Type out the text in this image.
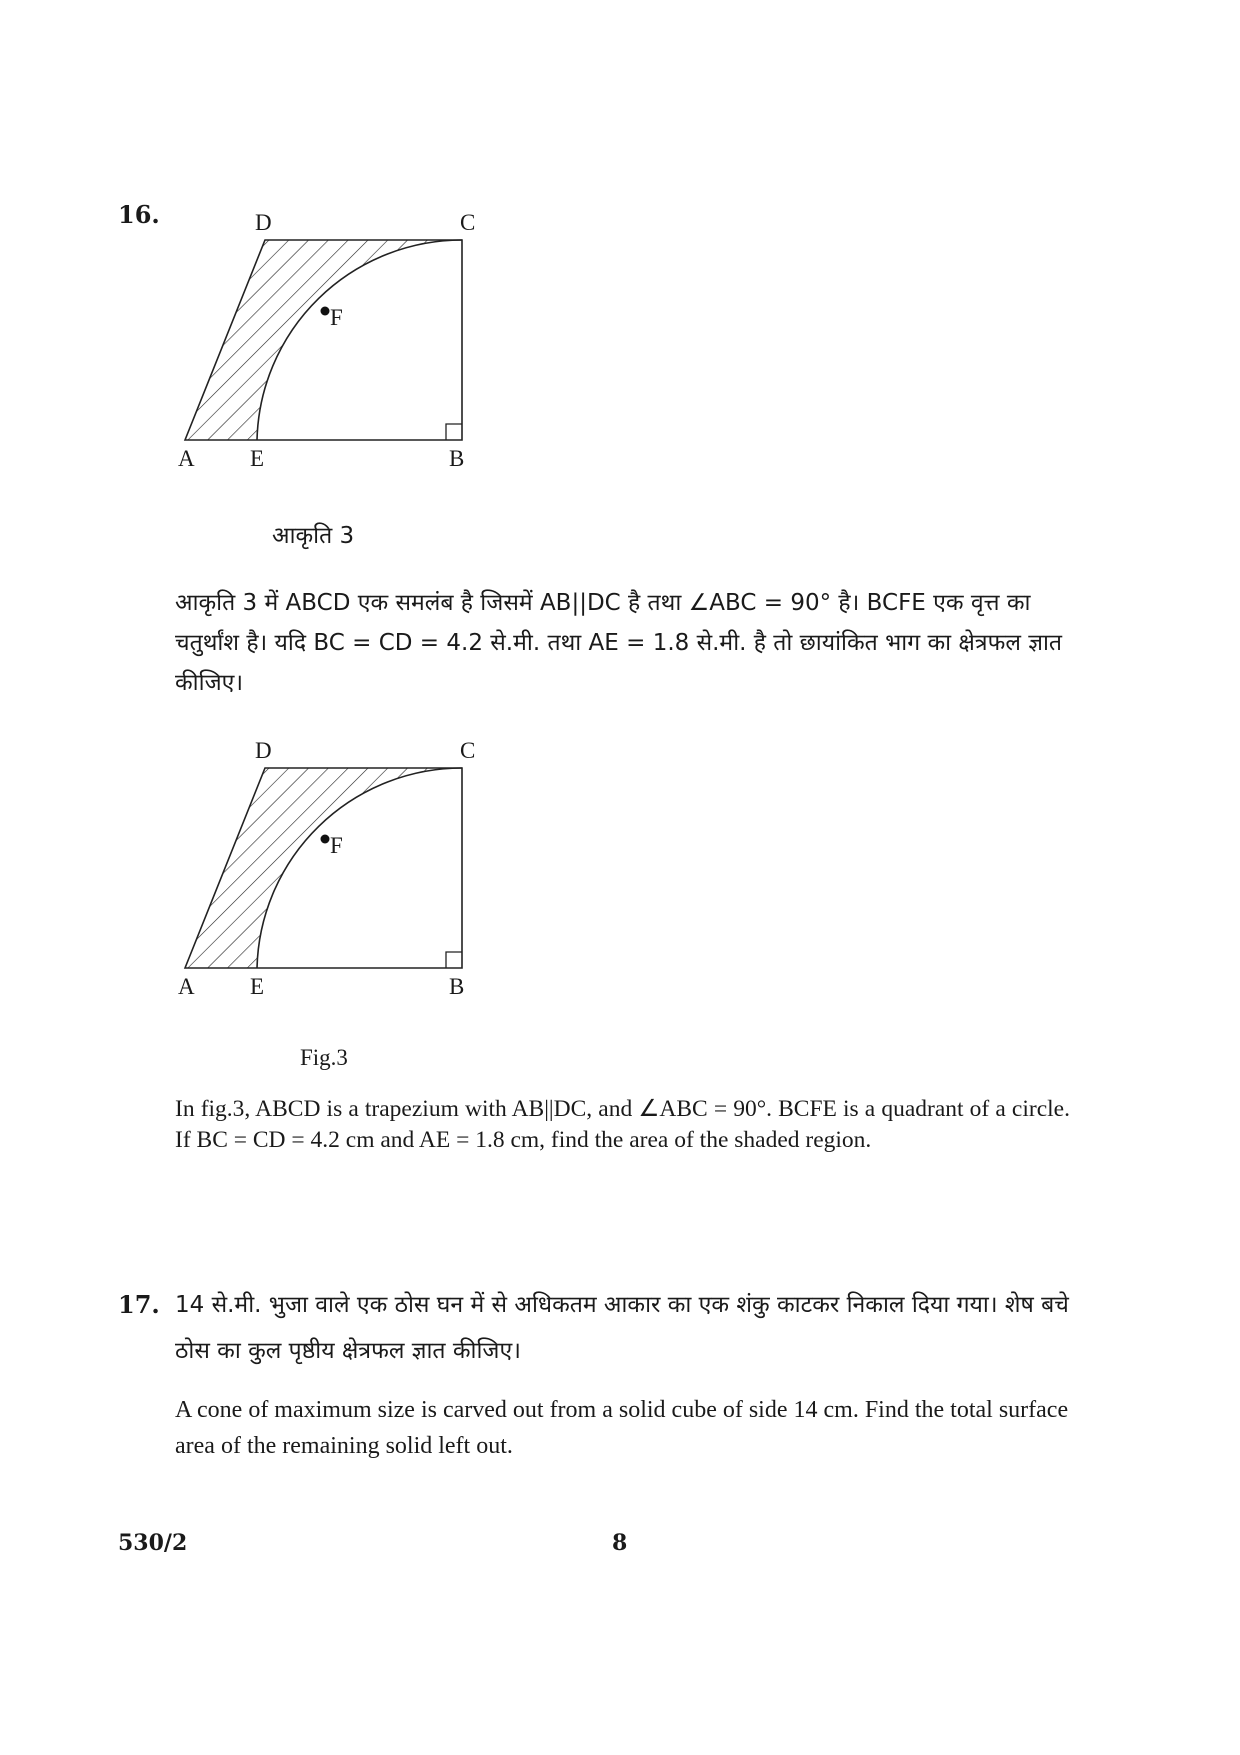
16.	D	C
F
A E	B
आकृति 3
आकृति 3 में ABCD एक समलंब है जिसमें AB||DC है तथा ∠ABC = 90° है। BCFE एक वृत्त का चतुर्थांश है। यदि BC = CD = 4.2 से.मी. तथा AE = 1.8 से.मी. है तो छायांकित भाग का क्षेत्रफल ज्ञात कीजिए।
D	C
F
A E	B
Fig.3
In fig.3, ABCD is a trapezium with AB||DC, and ∠ABC = 90°. BCFE is a quadrant of a circle. If BC = CD = 4.2 cm and AE = 1.8 cm, find the area of the shaded region.
17. 14 से.मी. भुजा वाले एक ठोस घन में से अधिकतम आकार का एक शंकु काटकर निकाल दिया गया। शेष बचे ठोस का कुल पृष्ठीय क्षेत्रफल ज्ञात कीजिए।
A cone of maximum size is carved out from a solid cube of side 14 cm. Find the total surface area of the remaining solid left out.
530/2	8
